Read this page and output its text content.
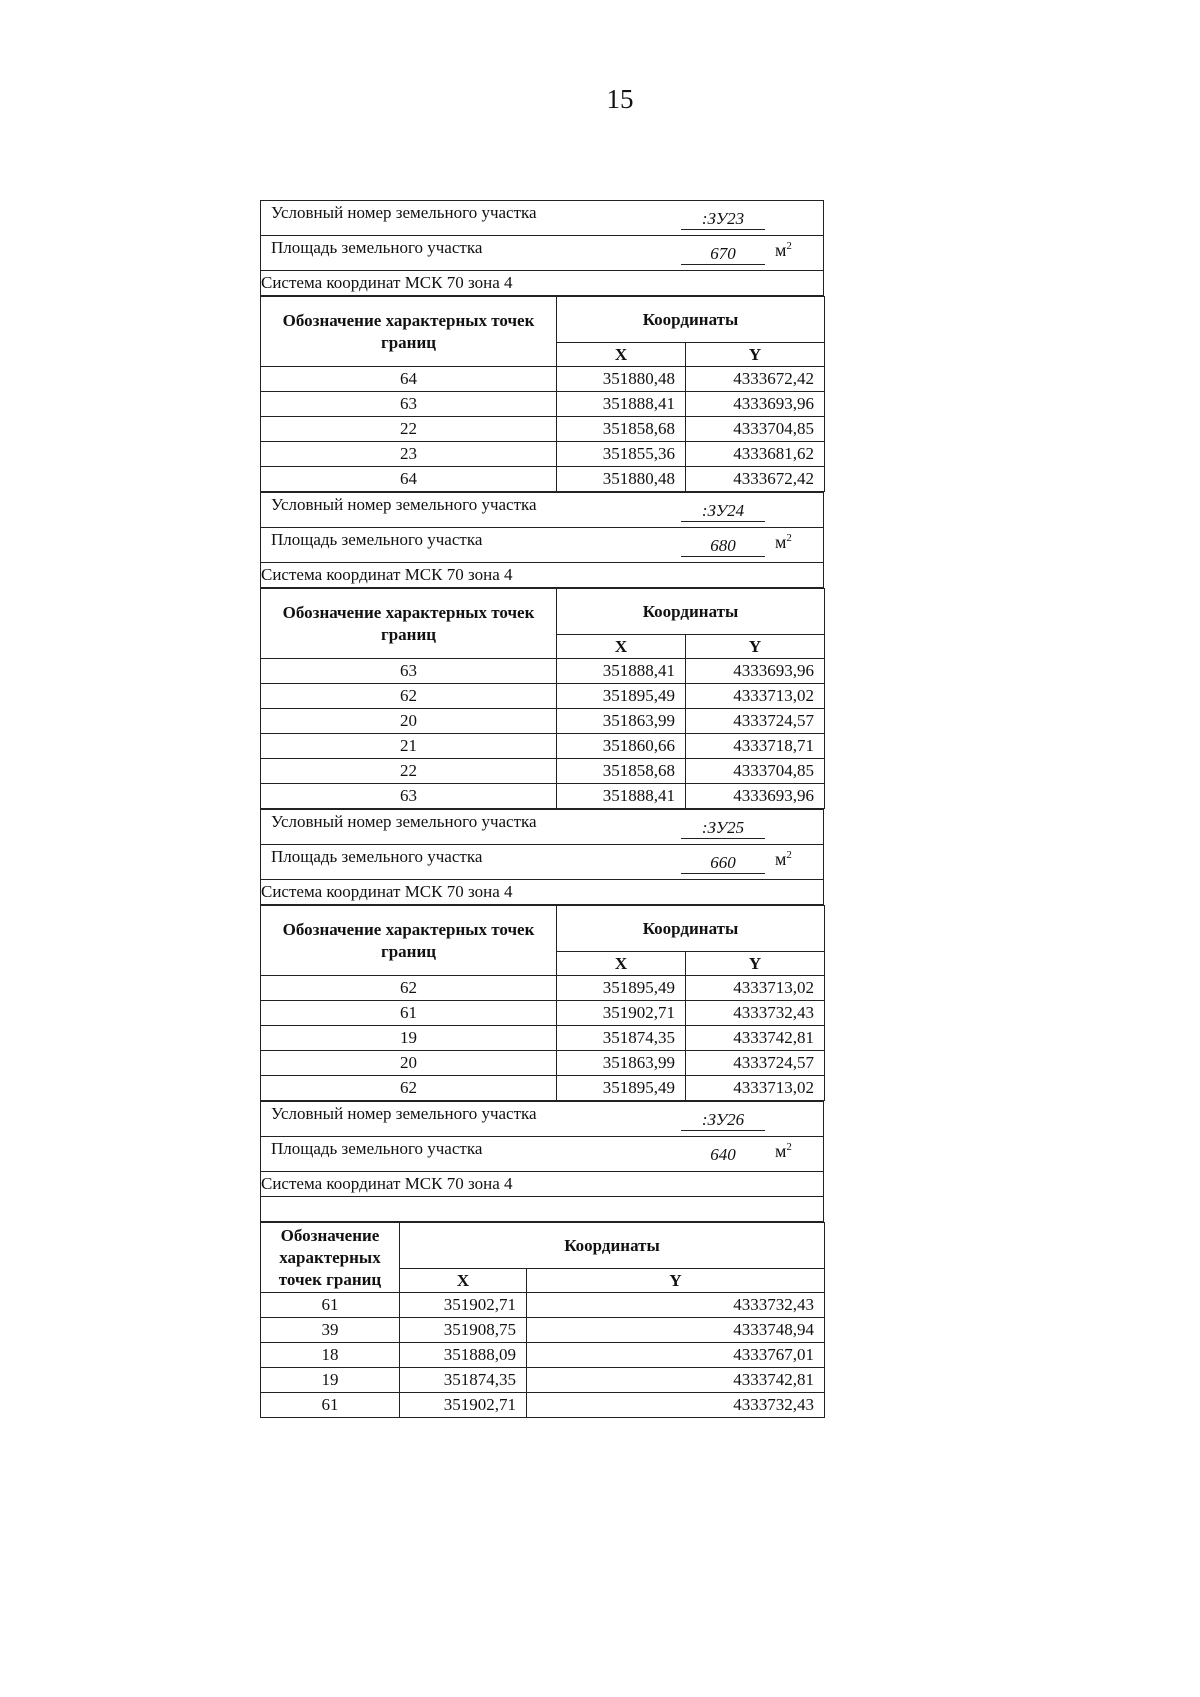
15
Условный номер земельного участка	:ЗУ23

Площадь земельного участка	670	$м^2$

Система координат МСК 70 зона 4
Обозначение характерных точек границ	Координаты	
	X	Y
64	351880,48	4333672,42
63	351888,41	4333693,96
22	351858,68	4333704,85
23	351855,36	4333681,62
64	351880,48	4333672,42
Условный номер земельного участка	:ЗУ24

Площадь земельного участка	680	$м^2$

Система координат МСК 70 зона 4
Обозначение характерных точек границ	Координаты	
	X	Y
63	351888,41	4333693,96
62	351895,49	4333713,02
20	351863,99	4333724,57
21	351860,66	4333718,71
22	351858,68	4333704,85
63	351888,41	4333693,96
Условный номер земельного участка	:ЗУ25

Площадь земельного участка	660	$м^2$

Система координат МСК 70 зона 4
Обозначение характерных точек границ	Координаты	
	X	Y
62	351895,49	4333713,02
61	351902,71	4333732,43
19	351874,35	4333742,81
20	351863,99	4333724,57
62	351895,49	4333713,02
Условный номер земельного участка	:ЗУ26

Площадь земельного участка	640	$м^2$

Система координат МСК 70 зона 4

Обозначение характерных точек границ	Координаты	
	X	Y
61	351902,71	4333732,43
39	351908,75	4333748,94
18	351888,09	4333767,01
19	351874,35	4333742,81
61	351902,71	4333732,43
